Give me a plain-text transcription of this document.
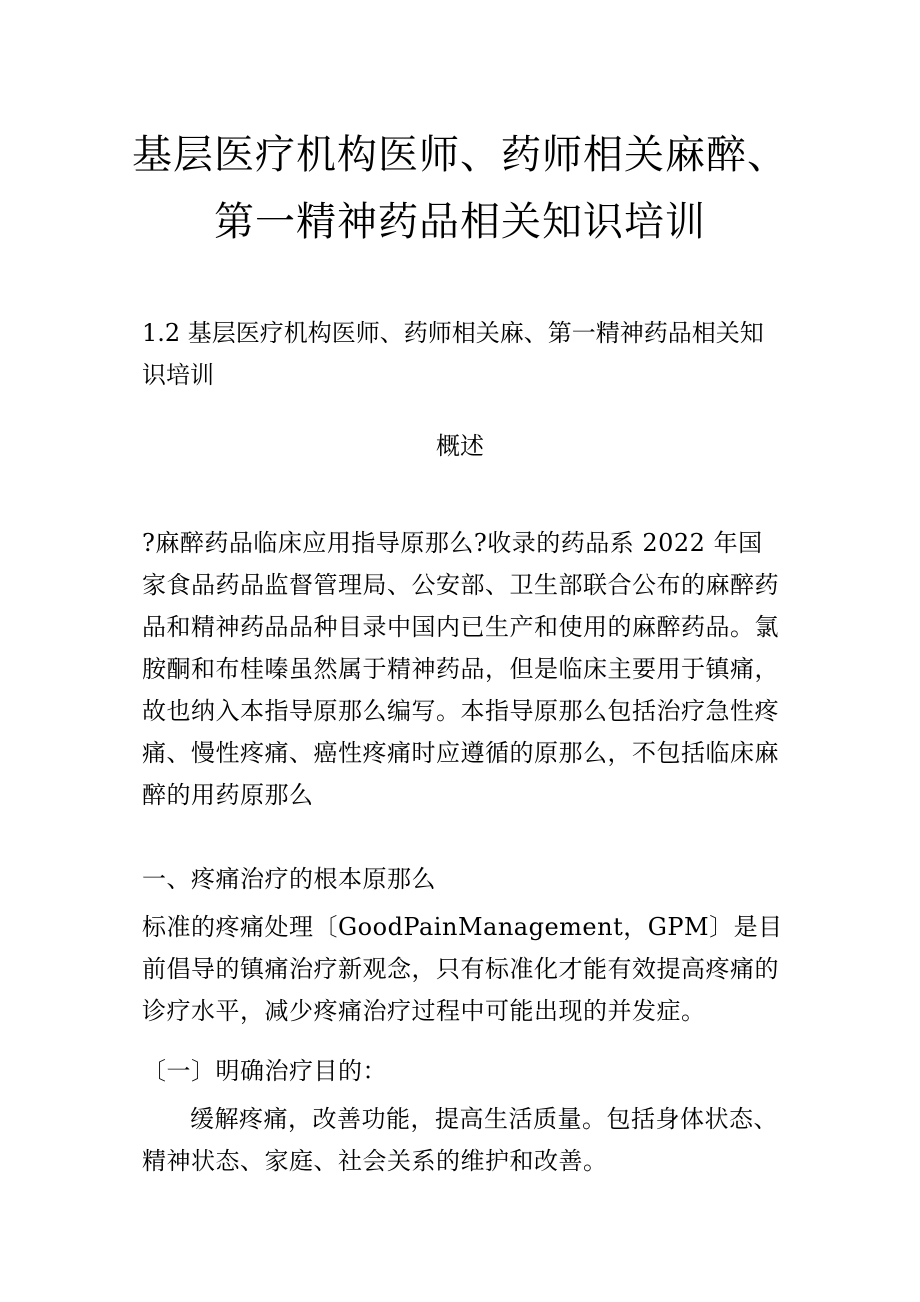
基层医疗机构医师、药师相关麻醉、
第一精神药品相关知识培训
1.2 基层医疗机构医师、药师相关麻、第一精神药品相关知识培训
概述
?麻醉药品临床应用指导原那么?收录的药品系 2022 年国家食品药品监督管理局、公安部、卫生部联合公布的麻醉药品和精神药品品种目录中国内已生产和使用的麻醉药品。氯胺酮和布桂嗪虽然属于精神药品，但是临床主要用于镇痛，故也纳入本指导原那么编写。本指导原那么包括治疗急性疼痛、慢性疼痛、癌性疼痛时应遵循的原那么，不包括临床麻醉的用药原那么
一、疼痛治疗的根本原那么
标准的疼痛处理〔GoodPainManagement，GPM〕是目前倡导的镇痛治疗新观念，只有标准化才能有效提高疼痛的诊疗水平，减少疼痛治疗过程中可能出现的并发症。
〔一〕明确治疗目的：
缓解疼痛，改善功能，提高生活质量。包括身体状态、精神状态、家庭、社会关系的维护和改善。
